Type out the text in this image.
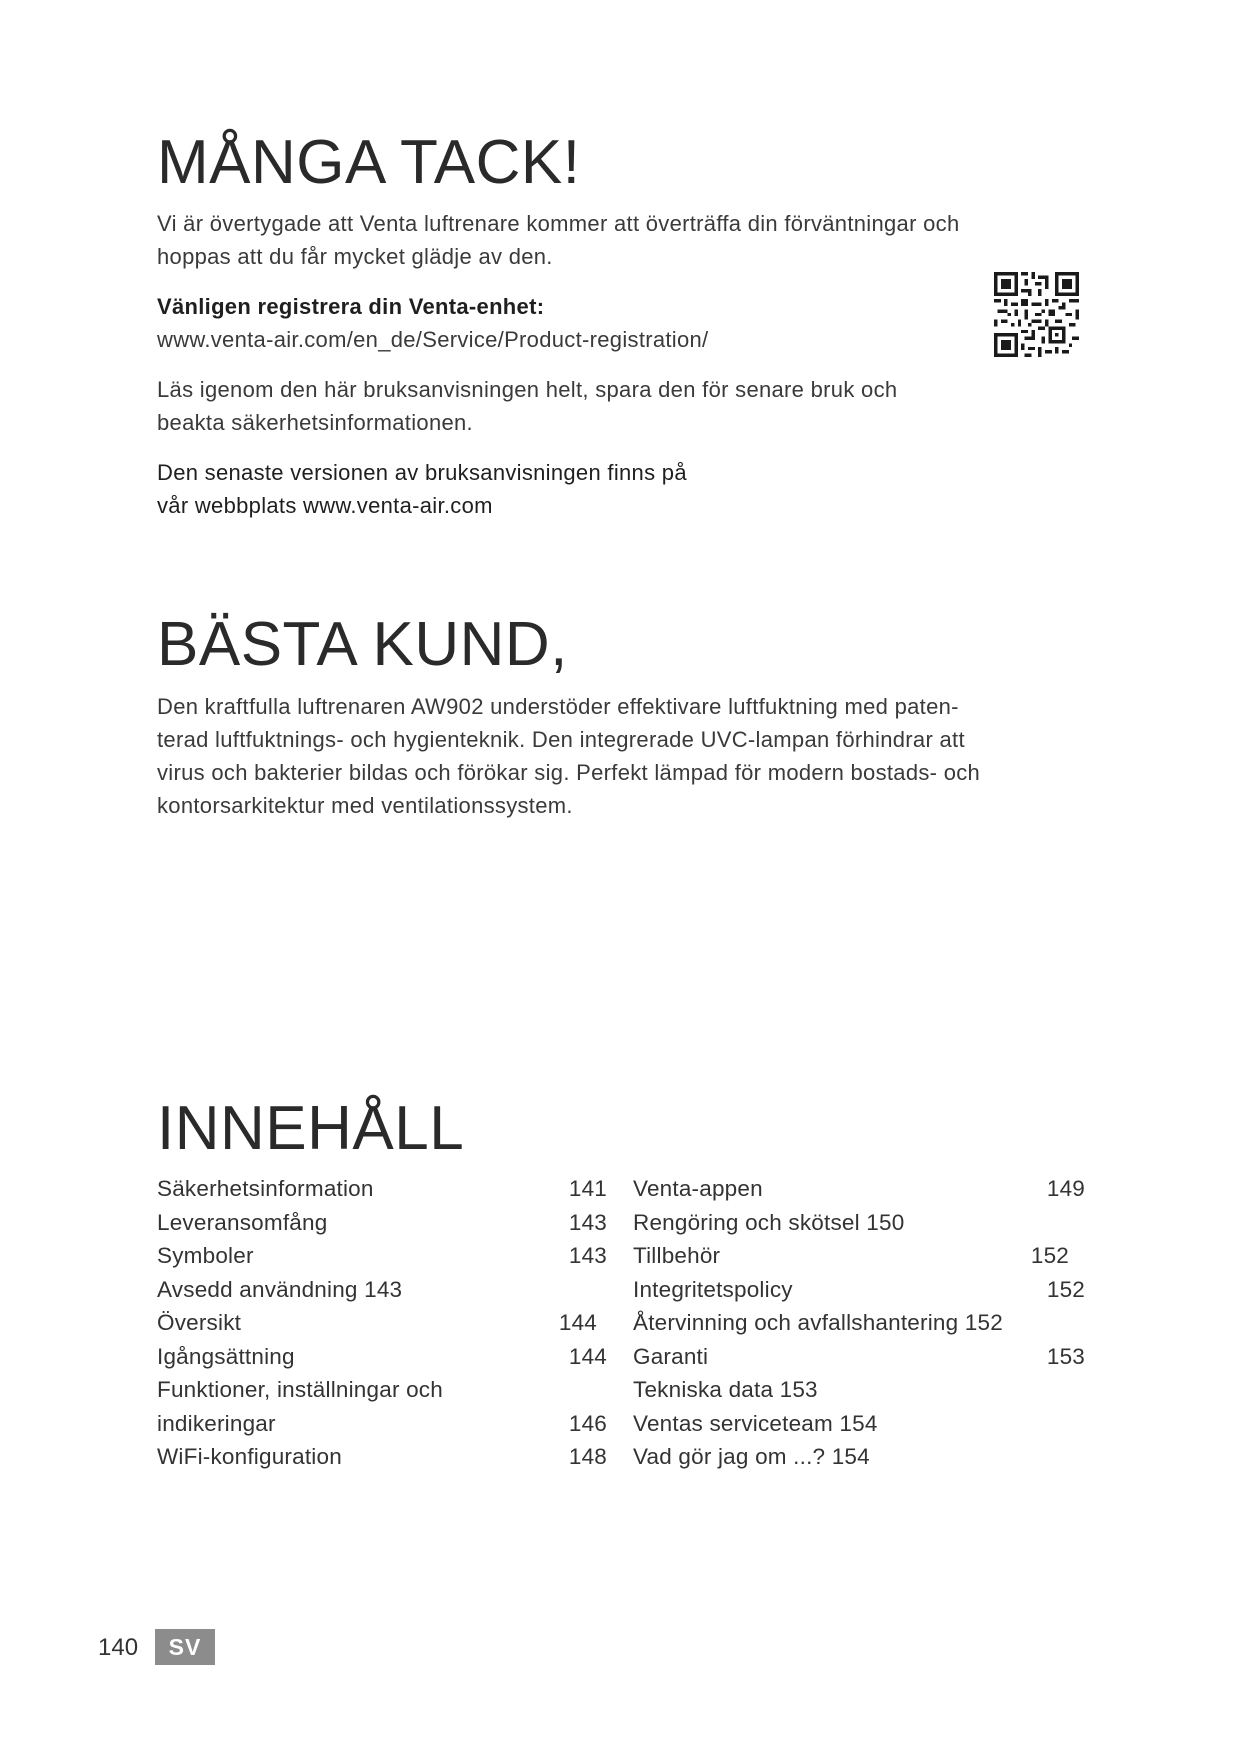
MÅNGA TACK!

Vi är övertygade att Venta luftrenare kommer att överträffa din förväntningar och
hoppas att du får mycket glädje av den.

Vänligen registrera din Venta-enhet:
www.venta-air.com/en_de/Service/Product-registration/

Läs igenom den här bruksanvisningen helt, spara den för senare bruk och
beakta säkerhetsinformationen.

Den senaste versionen av bruksanvisningen finns på
vår webbplats www.venta-air.com

BÄSTA KUND,

Den kraftfulla luftrenaren AW902 understöder effektivare luftfuktning med paten-
terad luftfuktnings- och hygienteknik. Den integrerade UVC-lampan förhindrar att
virus och bakterier bildas och förökar sig. Perfekt lämpad för modern bostads- och
kontorsarkitektur med ventilationssystem.

INNEHÅLL
Säkerhetsinformation	141
Leveransomfång	143
Symboler	143
Avsedd användning 143
Översikt	144
Igångsättning	144
Funktioner, inställningar och
indikeringar	146
WiFi-konfiguration	148
Venta-appen	149
Rengöring och skötsel 150
Tillbehör	152
Integritetspolicy	152
Återvinning och avfallshantering 152
Garanti	153
Tekniska data 153
Ventas serviceteam 154
Vad gör jag om ...? 154
140	SV
